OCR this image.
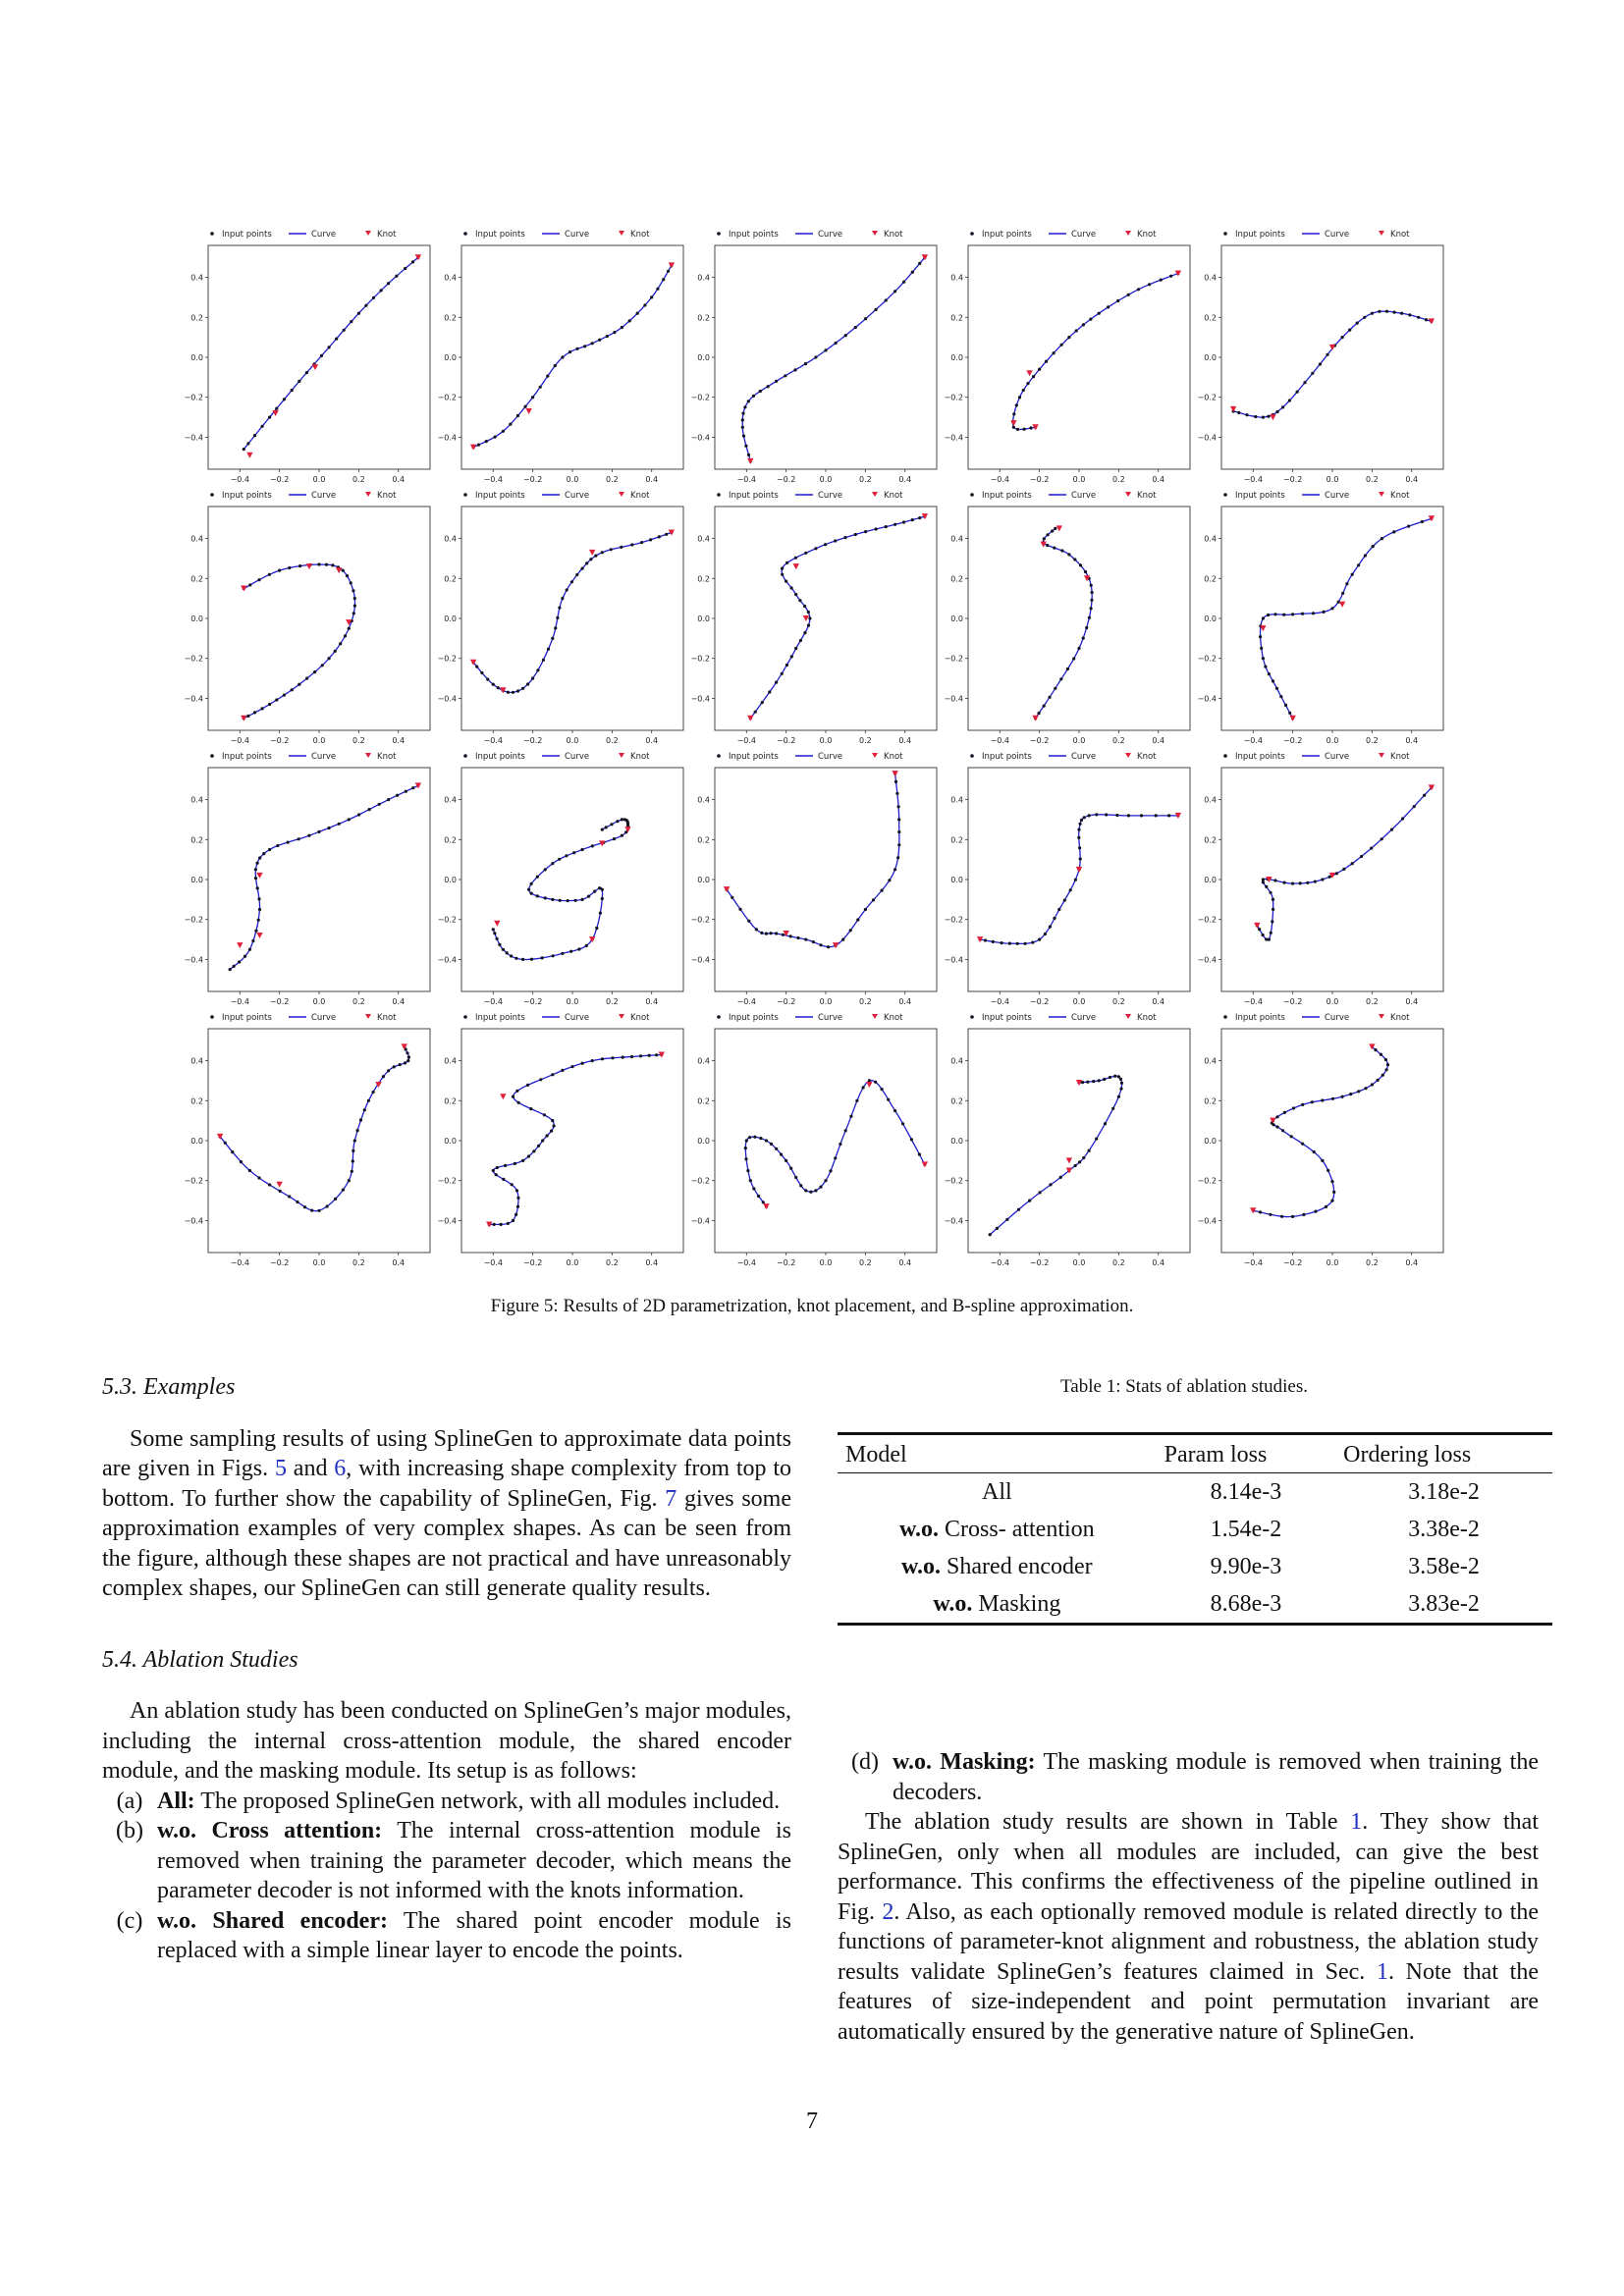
Input points	Curve	Knot
0.4
0.2
0.0
−0.2
−0.4
−0.4	−0.2	0.0	0.2	0.4
Input points	Curve	Knot
0.4
0.2
0.0
−0.2
−0.4
−0.4	−0.2	0.0	0.2	0.4
Input points	Curve	Knot
0.4
0.2
0.0
−0.2
−0.4
−0.4	−0.2	0.0	0.2	0.4
Input points	Curve	Knot
0.4
0.2
0.0
−0.2
−0.4
−0.4	−0.2	0.0	0.2	0.4
Input points	Curve	Knot
0.4
0.2
0.0
−0.2
−0.4
−0.4	−0.2	0.0	0.2	0.4
Input points	Curve	Knot
0.4
0.2
0.0
−0.2
−0.4
−0.4	−0.2	0.0	0.2	0.4
Input points	Curve	Knot
0.4
0.2
0.0
−0.2
−0.4
−0.4	−0.2	0.0	0.2	0.4
Input points	Curve	Knot
0.4
0.2
0.0
−0.2
−0.4
−0.4	−0.2	0.0	0.2	0.4
Input points	Curve	Knot
0.4
0.2
0.0
−0.2
−0.4
−0.4	−0.2	0.0	0.2	0.4
Input points	Curve	Knot
0.4
0.2
0.0
−0.2
−0.4
−0.4	−0.2	0.0	0.2	0.4
Input points	Curve	Knot
0.4
0.2
0.0
−0.2
−0.4
−0.4	−0.2	0.0	0.2	0.4
Input points	Curve	Knot
0.4
0.2
0.0
−0.2
−0.4
−0.4	−0.2	0.0	0.2	0.4
Input points	Curve	Knot
0.4
0.2
0.0
−0.2
−0.4
−0.4	−0.2	0.0	0.2	0.4
Input points	Curve	Knot
0.4
0.2
0.0
−0.2
−0.4
−0.4	−0.2	0.0	0.2	0.4
Input points	Curve	Knot
0.4
0.2
0.0
−0.2
−0.4
−0.4	−0.2	0.0	0.2	0.4
Input points	Curve	Knot
0.4
0.2
0.0
−0.2
−0.4
−0.4	−0.2	0.0	0.2	0.4
Input points	Curve	Knot
0.4
0.2
0.0
−0.2
−0.4
−0.4	−0.2	0.0	0.2	0.4
Input points	Curve	Knot
0.4
0.2
0.0
−0.2
−0.4
−0.4	−0.2	0.0	0.2	0.4
Input points	Curve	Knot
0.4
0.2
0.0
−0.2
−0.4
−0.4	−0.2	0.0	0.2	0.4
Input points	Curve	Knot
0.4
0.2
0.0
−0.2
−0.4
−0.4	−0.2	0.0	0.2	0.4
Figure 5: Results of 2D parametrization, knot placement, and B-spline approximation.
5.3. Examples

Some sampling results of using SplineGen to approximate data points are given in Figs. 5 and 6, with increasing shape complexity from top to bottom. To further show the capability of SplineGen, Fig. 7 gives some approximation examples of very complex shapes. As can be seen from the figure, although these shapes are not practical and have unreasonably complex shapes, our SplineGen can still generate quality results.

5.4. Ablation Studies

An ablation study has been conducted on SplineGen’s major modules, including the internal cross-attention module, the shared encoder module, and the masking module. Its setup is as follows:

(a) All: The proposed SplineGen network, with all modules included.
(b) w.o. Cross attention: The internal cross-attention module is removed when training the parameter decoder, which means the parameter decoder is not informed with the knots information.
(c) w.o. Shared encoder: The shared point encoder module is replaced with a simple linear layer to encode the points.
Table 1: Stats of ablation studies.
Model	Param loss	Ordering loss
All	8.14e-3	3.18e-2
w.o. Cross- attention	1.54e-2	3.38e-2
w.o. Shared encoder	9.90e-3	3.58e-2
w.o. Masking	8.68e-3	3.83e-2
(d) w.o. Masking: The masking module is removed when training the decoders.

The ablation study results are shown in Table 1. They show that SplineGen, only when all modules are included, can give the best performance. This confirms the effectiveness of the pipeline outlined in Fig. 2. Also, as each optionally removed module is related directly to the functions of parameter-knot alignment and robustness, the ablation study results validate SplineGen’s features claimed in Sec. 1. Note that the features of size-independent and point permutation invariant are automatically ensured by the generative nature of SplineGen.

7
